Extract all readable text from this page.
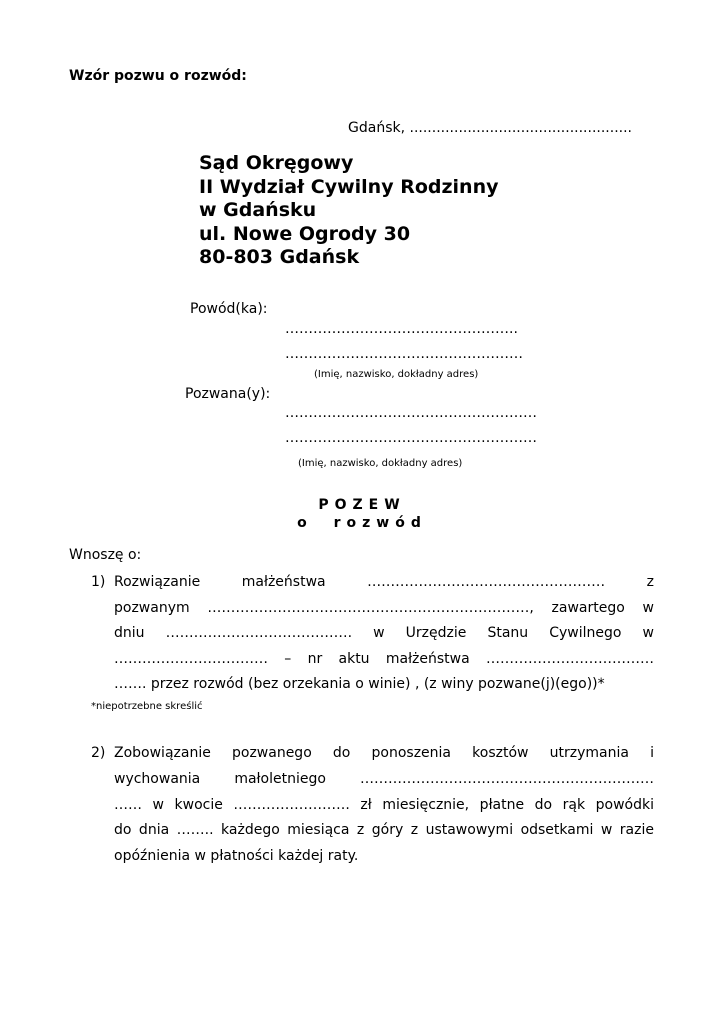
Wzór pozwu o rozwód:
Gdańsk, ..................................................
Sąd Okręgowy
II Wydział Cywilny Rodzinny
w Gdańsku
ul. Nowe Ogrody 30
80-803 Gdańsk
Powód(ka):
…………………………………………..
……………………………………………
(Imię, nazwisko, dokładny adres)
Pozwana(y):
………………………………………………
………………………………………………
(Imię, nazwisko, dokładny adres)
POZEW
o rozwód
Wnoszę o:
1) Rozwiązanie małżeństwa …………………………………………… z
pozwanym ……………………………………………………………, zawartego w
dniu …………………………………. w Urzędzie Stanu Cywilnego w
…………………………… – nr aktu małżeństwa ………………………………
……. przez rozwód (bez orzekania o winie) , (z winy pozwane(j)(ego))*
*niepotrzebne skreślić
2) Zobowiązanie pozwanego do ponoszenia kosztów utrzymania i
wychowania małoletniego ………………………………………………………
…… w kwocie ……………………. zł miesięcznie, płatne do rąk powódki
do dnia …….. każdego miesiąca z góry z ustawowymi odsetkami w razie
opóźnienia w płatności każdej raty.
